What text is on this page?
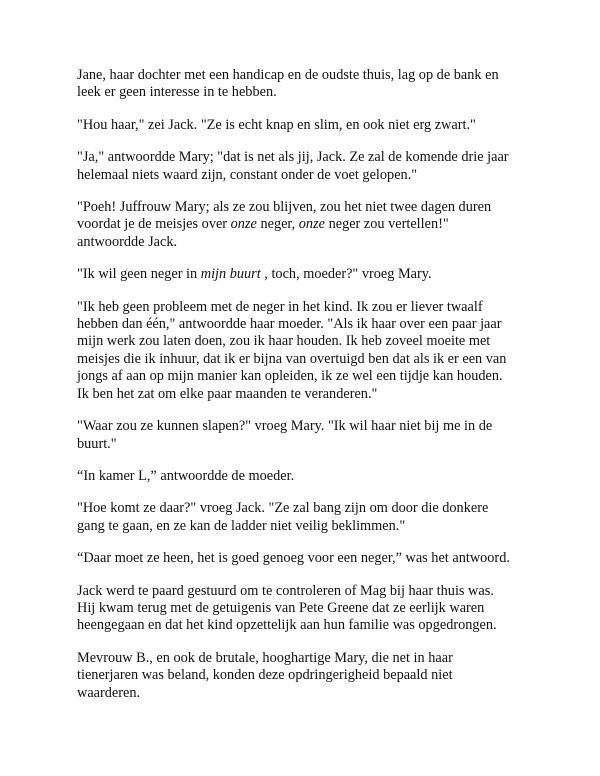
Jane, haar dochter met een handicap en de oudste thuis, lag op de bank en
leek er geen interesse in te hebben.

"Hou haar," zei Jack. "Ze is echt knap en slim, en ook niet erg zwart."

"Ja," antwoordde Mary; "dat is net als jij, Jack. Ze zal de komende drie jaar
helemaal niets waard zijn, constant onder de voet gelopen."

"Poeh! Juffrouw Mary; als ze zou blijven, zou het niet twee dagen duren
voordat je de meisjes over onze neger, onze neger zou vertellen!"
antwoordde Jack.

"Ik wil geen neger in mijn buurt , toch, moeder?" vroeg Mary.

"Ik heb geen probleem met de neger in het kind. Ik zou er liever twaalf
hebben dan één," antwoordde haar moeder. "Als ik haar over een paar jaar
mijn werk zou laten doen, zou ik haar houden. Ik heb zoveel moeite met
meisjes die ik inhuur, dat ik er bijna van overtuigd ben dat als ik er een van
jongs af aan op mijn manier kan opleiden, ik ze wel een tijdje kan houden.
Ik ben het zat om elke paar maanden te veranderen."

"Waar zou ze kunnen slapen?" vroeg Mary. "Ik wil haar niet bij me in de
buurt."

“In kamer L,” antwoordde de moeder.

"Hoe komt ze daar?" vroeg Jack. "Ze zal bang zijn om door die donkere
gang te gaan, en ze kan de ladder niet veilig beklimmen."

“Daar moet ze heen, het is goed genoeg voor een neger,” was het antwoord.

Jack werd te paard gestuurd om te controleren of Mag bij haar thuis was.
Hij kwam terug met de getuigenis van Pete Greene dat ze eerlijk waren
heengegaan en dat het kind opzettelijk aan hun familie was opgedrongen.

Mevrouw B., en ook de brutale, hooghartige Mary, die net in haar
tienerjaren was beland, konden deze opdringerigheid bepaald niet
waarderen.
